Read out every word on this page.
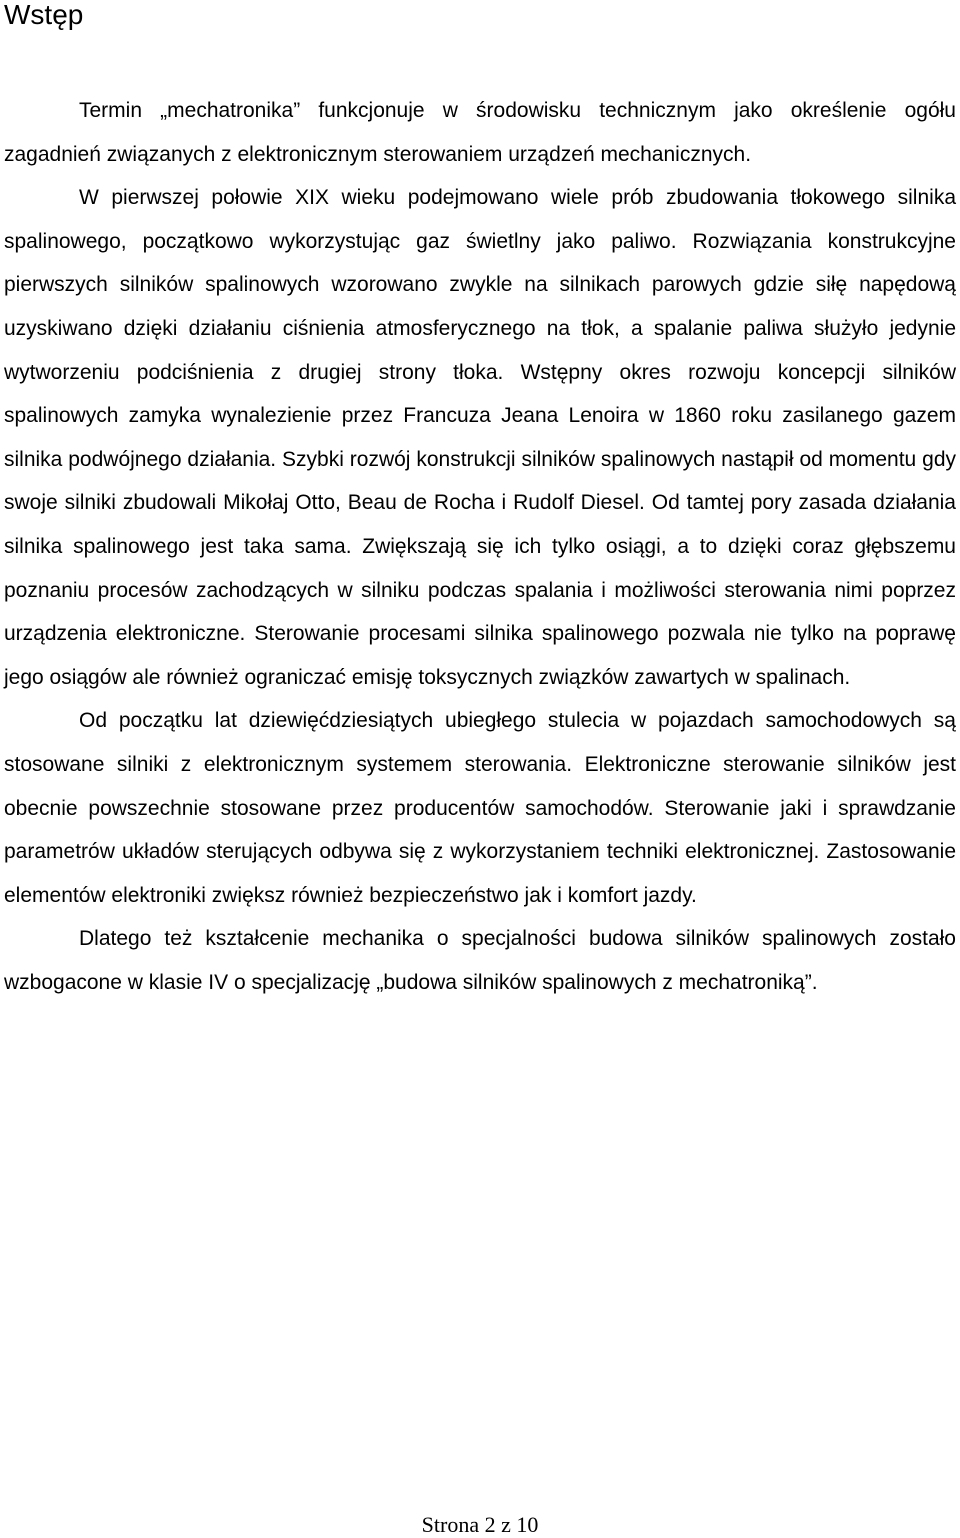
Wstęp

Termin „mechatronika” funkcjonuje w środowisku technicznym jako określenie ogółu zagadnień związanych z elektronicznym sterowaniem urządzeń mechanicznych.

W pierwszej połowie XIX wieku podejmowano wiele prób zbudowania tłokowego silnika spalinowego, początkowo wykorzystując gaz świetlny jako paliwo. Rozwiązania konstrukcyjne pierwszych silników spalinowych wzorowano zwykle na silnikach parowych gdzie siłę napędową uzyskiwano dzięki działaniu ciśnienia atmosferycznego na tłok, a spalanie paliwa służyło jedynie wytworzeniu podciśnienia z drugiej strony tłoka. Wstępny okres rozwoju koncepcji silników spalinowych zamyka wynalezienie przez Francuza Jeana Lenoira w 1860 roku zasilanego gazem silnika podwójnego działania. Szybki rozwój konstrukcji silników spalinowych nastąpił od momentu gdy swoje silniki zbudowali Mikołaj Otto, Beau de Rocha i Rudolf Diesel. Od tamtej pory zasada działania silnika spalinowego jest taka sama. Zwiększają się ich tylko osiągi, a to dzięki coraz głębszemu poznaniu procesów zachodzących w silniku podczas spalania i możliwości sterowania nimi poprzez urządzenia elektroniczne. Sterowanie procesami silnika spalinowego pozwala nie tylko na poprawę jego osiągów ale również ograniczać emisję toksycznych związków zawartych w spalinach.

Od początku lat dziewięćdziesiątych ubiegłego stulecia w pojazdach samochodowych są stosowane silniki z elektronicznym systemem sterowania. Elektroniczne sterowanie silników jest obecnie powszechnie stosowane przez producentów samochodów. Sterowanie jaki i sprawdzanie parametrów układów sterujących odbywa się z wykorzystaniem techniki elektronicznej. Zastosowanie elementów elektroniki zwiększ również bezpieczeństwo jak i komfort jazdy.

Dlatego też kształcenie mechanika o specjalności budowa silników spalinowych zostało wzbogacone w klasie IV o specjalizację „budowa silników spalinowych z mechatroniką”.

Strona 2 z 10
